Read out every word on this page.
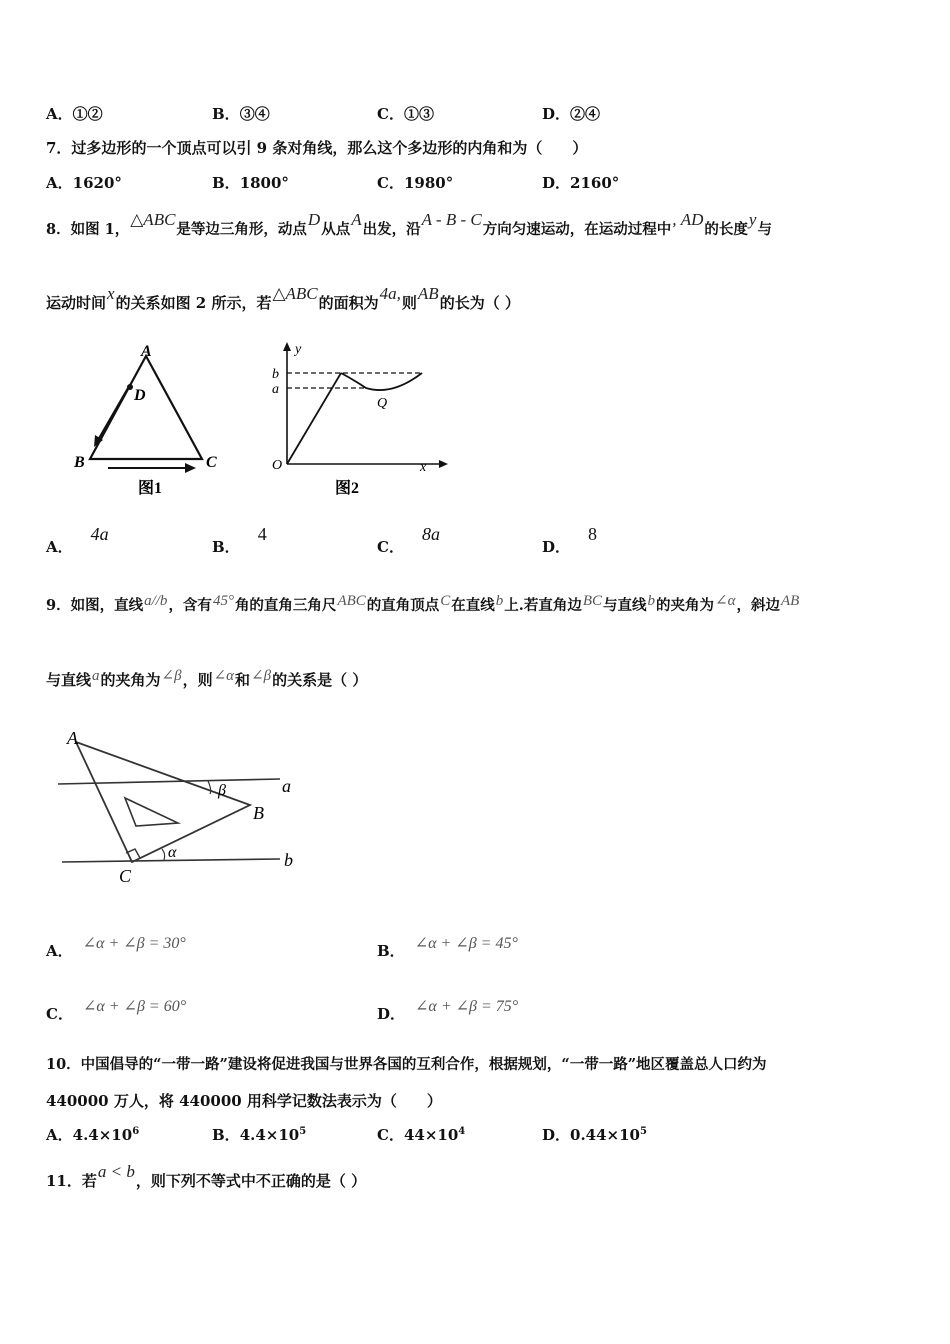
A．①②	B．③④	C．①③	D．②④
7．过多边形的一个顶点可以引 9 条对角线，那么这个多边形的内角和为（　　）
A．1620°	B．1800°	C．1980°	D．2160°
8．如图 1，△ABC是等边三角形，动点D从点A出发，沿A - B - C方向匀速运动，在运动过程中, AD的长度y与
运动时间x的关系如图 2 所示，若△ABC的面积为4a,则AB的长为（ ）
A
D
B	C
图1
y
b
a
O
Q
x
图2
A．4a
B．4
C．8a
D．8
9．如图，直线a//b，含有45°角的直角三角尺ABC的直角顶点C在直线b上.若直角边BC与直线b的夹角为∠α，斜边AB
与直线a的夹角为∠β，则∠α和∠β的关系是（ ）
A
B
C
a
b
β
α
A． ∠α + ∠β = 30°	B． ∠α + ∠β = 45°
C． ∠α + ∠β = 60°	D． ∠α + ∠β = 75°
10．中国倡导的“一带一路”建设将促进我国与世界各国的互利合作，根据规划，“一带一路”地区覆盖总人口约为
440000 万人，将 440000 用科学记数法表示为（　　）
A．$4.4\times 10^6$	B．$4.4\times 10^5$	C．$44\times 10^4$	D．$0.44\times 10^5$
11．若a < b，则下列不等式中不正确的是（ ）
